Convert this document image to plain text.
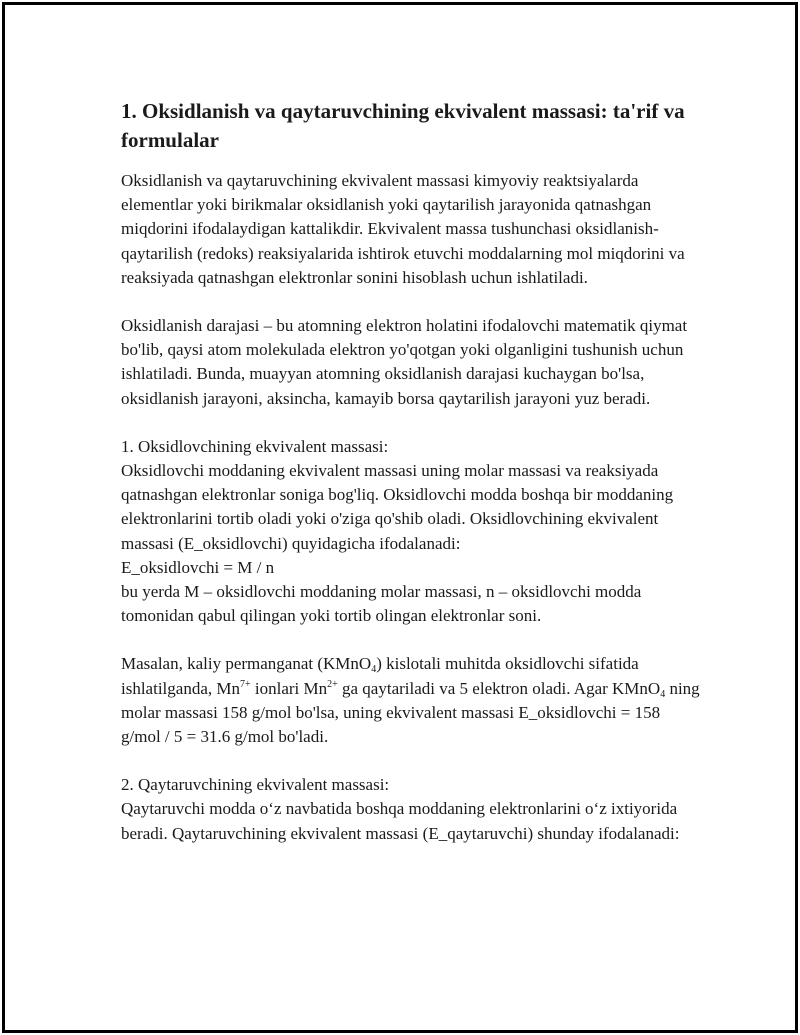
1. Oksidlanish va qaytaruvchining ekvivalent massasi: ta'rif va formulalar

Oksidlanish va qaytaruvchining ekvivalent massasi kimyoviy reaktsiyalarda elementlar yoki birikmalar oksidlanish yoki qaytarilish jarayonida qatnashgan miqdorini ifodalaydigan kattalikdir. Ekvivalent massa tushunchasi oksidlanish-qaytarilish (redoks) reaksiyalarida ishtirok etuvchi moddalarning mol miqdorini va reaksiyada qatnashgan elektronlar sonini hisoblash uchun ishlatiladi.

Oksidlanish darajasi – bu atomning elektron holatini ifodalovchi matematik qiymat bo'lib, qaysi atom molekulada elektron yo'qotgan yoki olganligini tushunish uchun ishlatiladi. Bunda, muayyan atomning oksidlanish darajasi kuchaygan bo'lsa, oksidlanish jarayoni, aksincha, kamayib borsa qaytarilish jarayoni yuz beradi.

1. Oksidlovchining ekvivalent massasi:
Oksidlovchi moddaning ekvivalent massasi uning molar massasi va reaksiyada qatnashgan elektronlar soniga bog'liq. Oksidlovchi modda boshqa bir moddaning elektronlarini tortib oladi yoki o'ziga qo'shib oladi. Oksidlovchining ekvivalent massasi (E_oksidlovchi) quyidagicha ifodalanadi:
E_oksidlovchi = M / n
bu yerda M – oksidlovchi moddaning molar massasi, n – oksidlovchi modda tomonidan qabul qilingan yoki tortib olingan elektronlar soni.

Masalan, kaliy permanganat (KMnO$_4$) kislotali muhitda oksidlovchi sifatida ishlatilganda, $Mn^{7+}$ ionlari $Mn^{2+}$ ga qaytariladi va 5 elektron oladi. Agar KMnO$_4$ ning molar massasi 158 g/mol bo'lsa, uning ekvivalent massasi E_oksidlovchi = 158 g/mol / 5 = 31.6 g/mol bo'ladi.

2. Qaytaruvchining ekvivalent massasi:
Qaytaruvchi modda o‘z navbatida boshqa moddaning elektronlarini o‘z ixtiyorida beradi. Qaytaruvchining ekvivalent massasi (E_qaytaruvchi) shunday ifodalanadi:
